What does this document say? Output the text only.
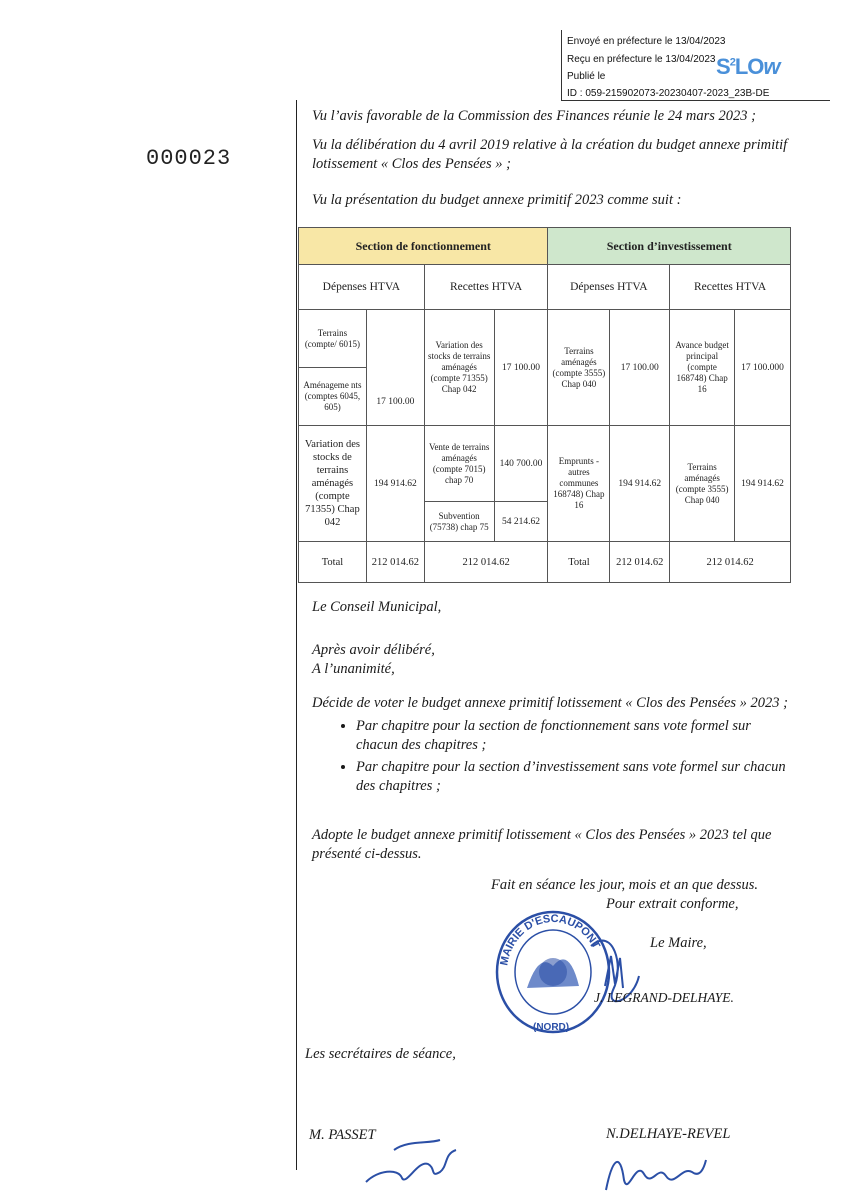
Envoyé en préfecture le 13/04/2023
Reçu en préfecture le 13/04/2023
Publié le
ID : 059-215902073-20230407-2023_23B-DE
$S^2LOw$
000023

Vu l’avis favorable de la Commission des Finances réunie le 24 mars 2023 ;

Vu la délibération du 4 avril 2019 relative à la création du budget annexe primitif lotissement « Clos des Pensées » ;

Vu la présentation du budget annexe primitif 2023 comme suit :

Section de fonctionnement				Section d’investissement			
Dépenses HTVA		Recettes HTVA		Dépenses HTVA		Recettes HTVA	
Terrains (compte/ 6015)	17 100.00	Variation des stocks de terrains aménagés (compte 71355) Chap 042	17 100.00	Terrains aménagés (compte 3555) Chap 040	17 100.00	Avance budget principal (compte 168748) Chap 16	17 100.000
Aménageme nts (comptes 6045, 605)							
Variation des stocks de terrains aménagés (compte 71355) Chap 042	194 914.62	Vente de terrains aménagés (compte 7015) chap 70	140 700.00	Emprunts - autres communes 168748) Chap 16	194 914.62	Terrains aménagés (compte 3555) Chap 040	194 914.62
		Subvention (75738) chap 75	54 214.62				
Total	212 014.62	212 014.62		Total	212 014.62	212 014.62	

Le Conseil Municipal,

Après avoir délibéré,

A l’unanimité,

Décide de voter le budget annexe primitif lotissement « Clos des Pensées » 2023 ;

• Par chapitre pour la section de fonctionnement sans vote formel sur chacun des chapitres ;
• Par chapitre pour la section d’investissement sans vote formel sur chacun des chapitres ;

Adopte le budget annexe primitif lotissement « Clos des Pensées » 2023 tel que présenté ci-dessus.

Fait en séance les jour, mois et an que dessus.
Pour extrait conforme,
Le Maire,
MAIRIE D'ESCAUPONT
(NORD)
J. LEGRAND-DELHAYE.
Les secrétaires de séance,
M. PASSET	N.DELHAYE-REVEL
